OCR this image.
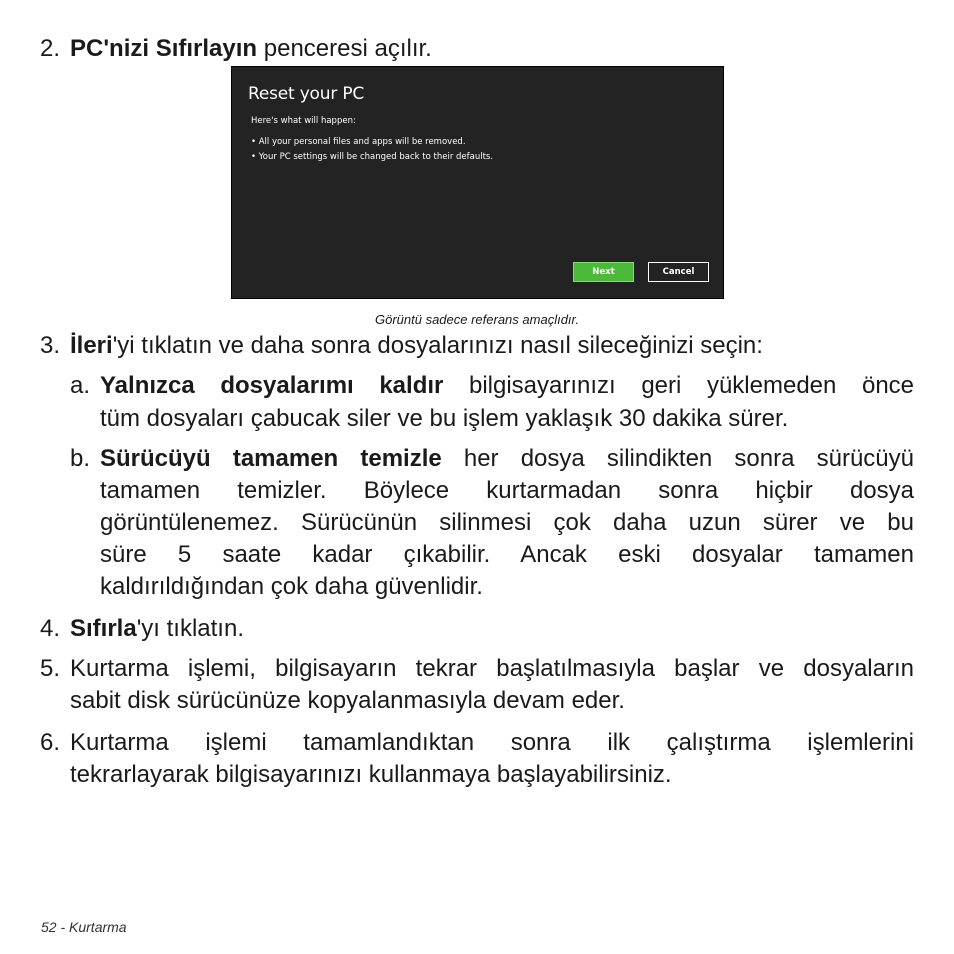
2. PC'nizi Sıfırlayın penceresi açılır.
Reset your PC
Here's what will happen:
• All your personal files and apps will be removed.
• Your PC settings will be changed back to their defaults.
Next	Cancel
Görüntü sadece referans amaçlıdır.
3. İleri'yi tıklatın ve daha sonra dosyalarınızı nasıl sileceğinizi seçin:
a. Yalnızca dosyalarımı kaldır bilgisayarınızı geri yüklemeden önce
tüm dosyaları çabucak siler ve bu işlem yaklaşık 30 dakika sürer.
b. Sürücüyü tamamen temizle her dosya silindikten sonra sürücüyü
tamamen temizler. Böylece kurtarmadan sonra hiçbir dosya
görüntülenemez. Sürücünün silinmesi çok daha uzun sürer ve bu
süre 5 saate kadar çıkabilir. Ancak eski dosyalar tamamen
kaldırıldığından çok daha güvenlidir.
4. Sıfırla'yı tıklatın.
5. Kurtarma işlemi, bilgisayarın tekrar başlatılmasıyla başlar ve dosyaların
sabit disk sürücünüze kopyalanmasıyla devam eder.
6. Kurtarma işlemi tamamlandıktan sonra ilk çalıştırma işlemlerini
tekrarlayarak bilgisayarınızı kullanmaya başlayabilirsiniz.
52 - Kurtarma
